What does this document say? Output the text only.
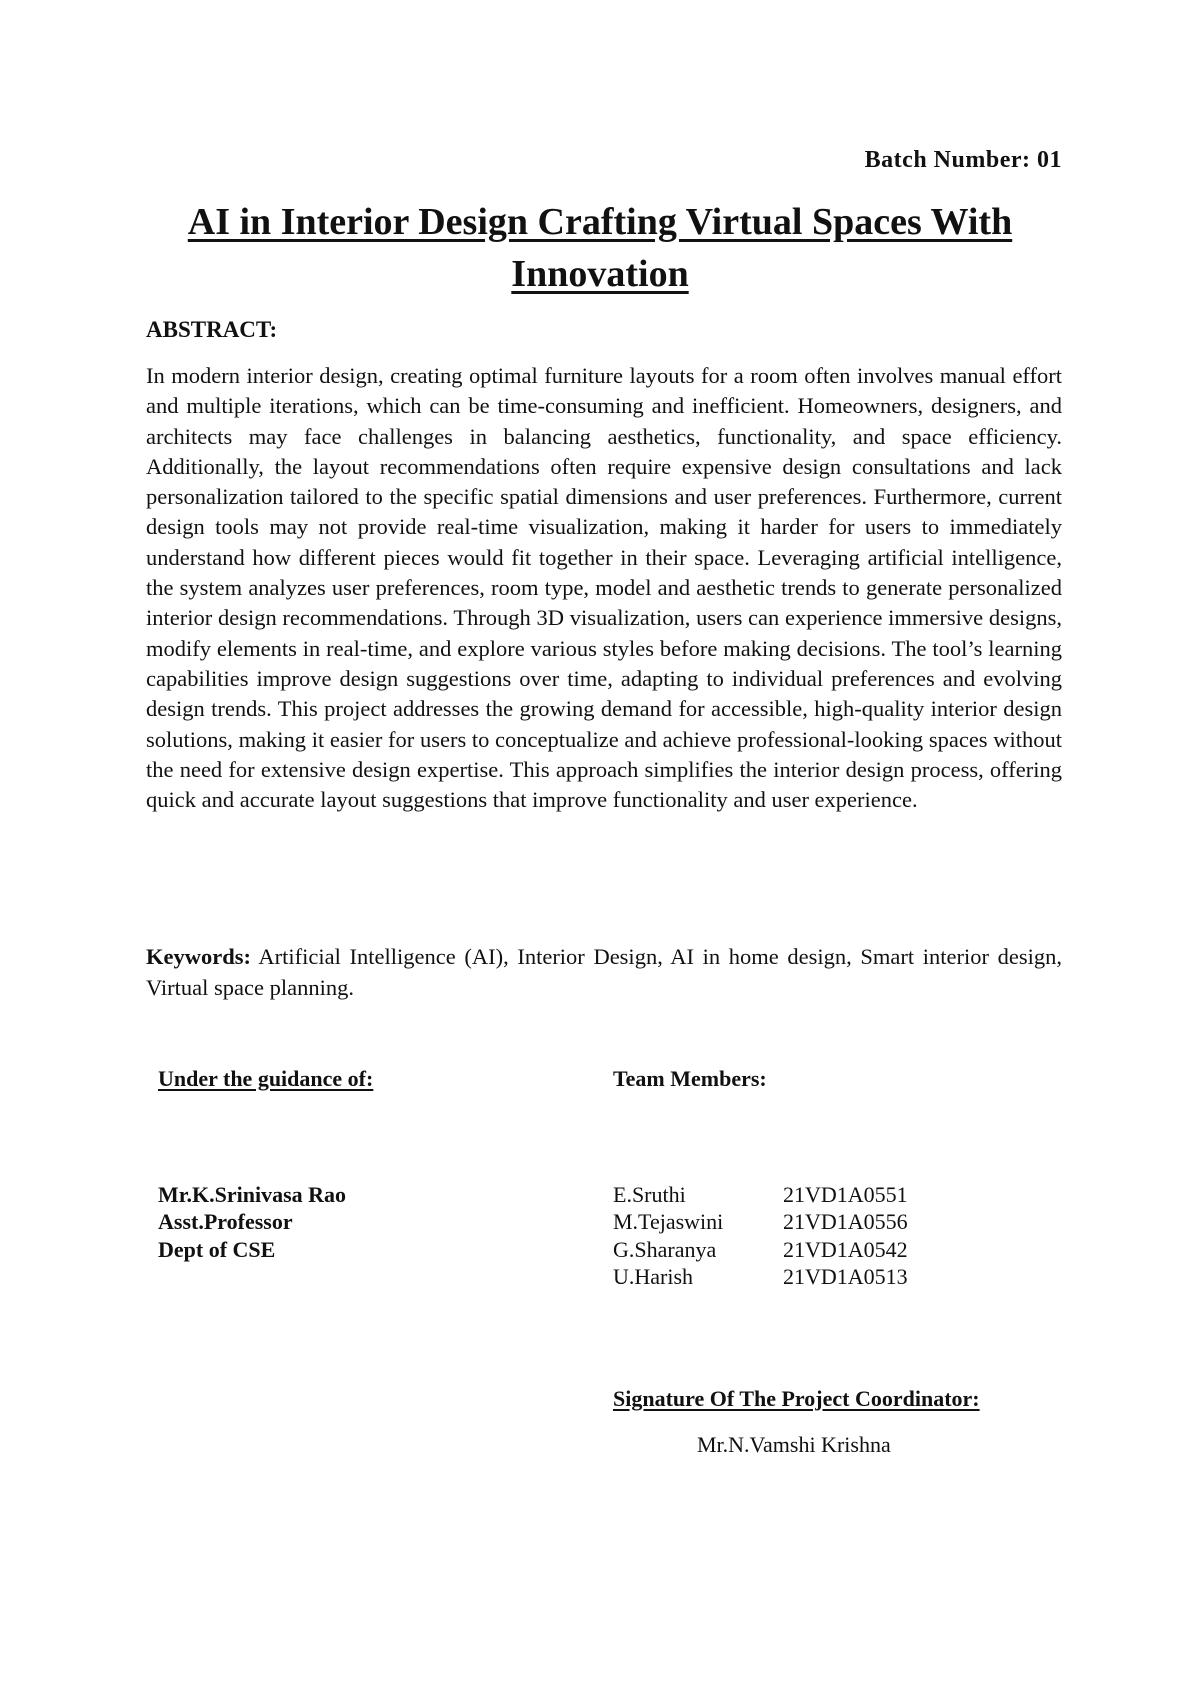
Batch Number: 01
AI in Interior Design Crafting Virtual Spaces With Innovation
ABSTRACT:

In modern interior design, creating optimal furniture layouts for a room often involves manual effort and multiple iterations, which can be time-consuming and inefficient. Homeowners, designers, and architects may face challenges in balancing aesthetics, functionality, and space efficiency. Additionally, the layout recommendations often require expensive design consultations and lack personalization tailored to the specific spatial dimensions and user preferences. Furthermore, current design tools may not provide real-time visualization, making it harder for users to immediately understand how different pieces would fit together in their space. Leveraging artificial intelligence, the system analyzes user preferences, room type, model and aesthetic trends to generate personalized interior design recommendations. Through 3D visualization, users can experience immersive designs, modify elements in real-time, and explore various styles before making decisions. The tool’s learning capabilities improve design suggestions over time, adapting to individual preferences and evolving design trends. This project addresses the growing demand for accessible, high-quality interior design solutions, making it easier for users to conceptualize and achieve professional-looking spaces without the need for extensive design expertise. This approach simplifies the interior design process, offering quick and accurate layout suggestions that improve functionality and user experience.

Keywords: Artificial Intelligence (AI), Interior Design, AI in home design, Smart interior design, Virtual space planning.

Under the guidance of:
Mr.K.Srinivasa Rao
Asst.Professor
Dept of CSE
Team Members:
E.Sruthi	21VD1A0551
M.Tejaswini	21VD1A0556
G.Sharanya	21VD1A0542
U.Harish	21VD1A0513
Signature Of The Project Coordinator:
Mr.N.Vamshi Krishna
